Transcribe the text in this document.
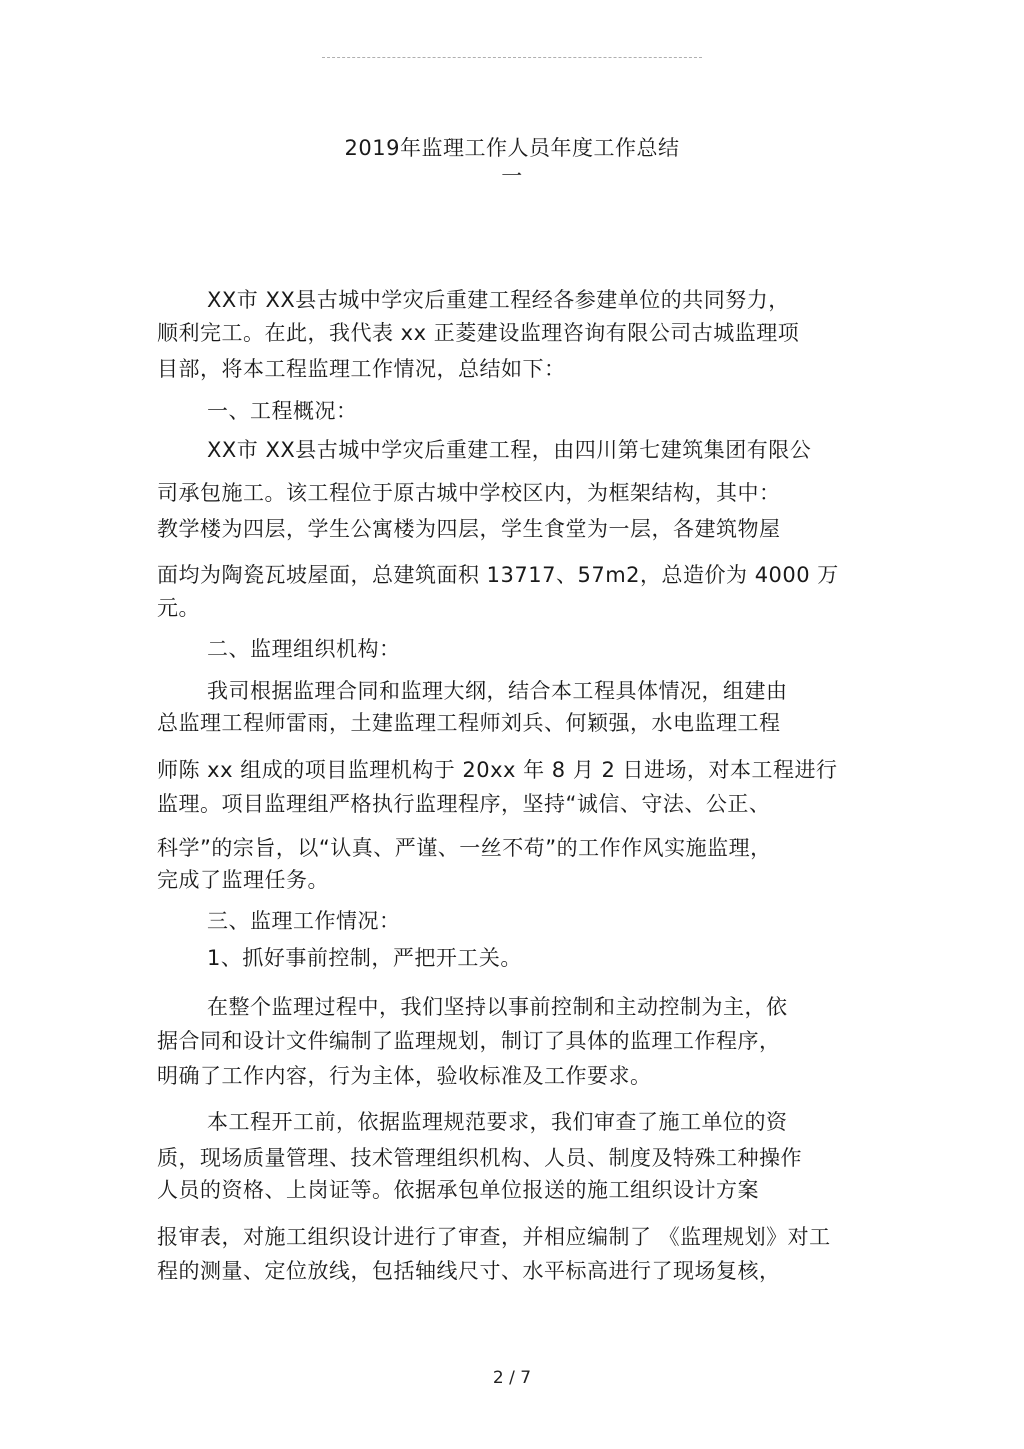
2019年监理工作人员年度工作总结
一
XX市 XX县古城中学灾后重建工程经各参建单位的共同努力，
顺利完工。在此，我代表 xx 正菱建设监理咨询有限公司古城监理项
目部，将本工程监理工作情况，总结如下：
一、工程概况：
XX市 XX县古城中学灾后重建工程，由四川第七建筑集团有限公
司承包施工。该工程位于原古城中学校区内，为框架结构，其中：
教学楼为四层，学生公寓楼为四层，学生食堂为一层，各建筑物屋
面均为陶瓷瓦坡屋面，总建筑面积 13717、57m2，总造价为 4000 万
元。
二、监理组织机构：
我司根据监理合同和监理大纲，结合本工程具体情况，组建由
总监理工程师雷雨，土建监理工程师刘兵、何颖强，水电监理工程
师陈 xx 组成的项目监理机构于 20xx 年 8 月 2 日进场，对本工程进行
监理。项目监理组严格执行监理程序，坚持“诚信、守法、公正、
科学”的宗旨，以“认真、严谨、一丝不苟”的工作作风实施监理，
完成了监理任务。
三、监理工作情况：
1、抓好事前控制，严把开工关。
在整个监理过程中，我们坚持以事前控制和主动控制为主，依
据合同和设计文件编制了监理规划，制订了具体的监理工作程序，
明确了工作内容，行为主体，验收标准及工作要求。
本工程开工前，依据监理规范要求，我们审查了施工单位的资
质，现场质量管理、技术管理组织机构、人员、制度及特殊工种操作
人员的资格、上岗证等。依据承包单位报送的施工组织设计方案
报审表，对施工组织设计进行了审查，并相应编制了 《监理规划》对工
程的测量、定位放线，包括轴线尺寸、水平标高进行了现场复核，
2 / 7
